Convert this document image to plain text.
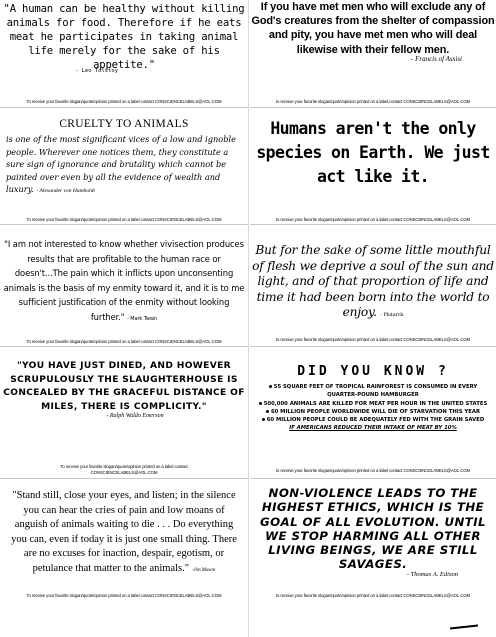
"A human can be healthy without killing animals for food. Therefore if he eats meat he participates in taking animal life merely for the sake of his appetite."

- Leo Tolstoy
To receive your favorite slogan/quote/opinion printed on a label contact CONSCIENCELABELS@AOL.COM
CRUELTY TO ANIMALS

is one of the most significant vices of a low and ignoble people. Wherever one notices them, they constitute a sure sign of ignorance and brutality which cannot be painted over even by all the evidence of wealth and luxury. - Alexander von Humboldt

To receive your favorite slogan/quote/opinion printed on a label contact CONSCIENCELABELS@AOL.COM

"I am not interested to know whether vivisection produces results that are profitable to the human race or doesn't...The pain which it inflicts upon unconsenting animals is the basis of my enmity toward it, and it is to me sufficient justification of the enmity without looking further." - Mark Twain

To receive your favorite slogan/quote/opinion printed on a label contact CONSCIENCELABELS@AOL.COM

"YOU HAVE JUST DINED, AND HOWEVER SCRUPULOUSLY THE SLAUGHTERHOUSE IS CONCEALED BY THE GRACEFUL DISTANCE OF MILES, THERE IS COMPLICITY."

- Ralph Waldo Emerson
To receive your favorite slogan/quote/opinion printed on a label contact CONSCIENCELABELS@AOL.COM

"Stand still, close your eyes, and listen; in the silence you can hear the cries of pain and low moans of anguish of animals waiting to die . . . Do everything you can, even if today it is just one small thing. There are no excuses for inaction, despair, egotism, or petulance that matter to the animals." -Jim Mason

To receive your favorite slogan/quote/opinion printed on a label contact CONSCIENCELABELS@AOL.COM

If you have met men who will exclude any of God's creatures from the shelter of compassion and pity, you have met men who will deal likewise with their fellow men.

- Francis of Assisi
to receive your favorite slogan/quote/opinion printed on a label,contact CONSCIENCELABELS@AOL.COM

Humans aren't the only species on Earth. We just act like it.

to receive your favorite slogan/quote/opinion printed on a label,contact CONSCIENCELABELS@AOL.COM

But for the sake of some little mouthful of flesh we deprive a soul of the sun and light, and of that proportion of life and time it had been born into the world to enjoy. - Plutarch

to receive your favorite slogan/quote/opinion printed on a label,contact CONSCIENCELABELS@AOL.COM
DID YOU KNOW ?
55 SQUARE FEET OF TROPICAL RAINFOREST IS CONSUMED IN EVERY QUARTER-POUND HAMBURGER
500,000 ANIMALS ARE KILLED FOR MEAT PER HOUR IN THE UNITED STATES
60 MILLION PEOPLE WORLDWIDE WILL DIE OF STARVATION THIS YEAR
60 MILLION PEOPLE COULD BE ADEQUATELY FED WITH THE GRAIN SAVED
IF AMERICANS REDUCED THEIR INTAKE OF MEAT BY 10%
to receive your favorite slogan/quote/opinion printed on a label,contact CONSCIENCELABELS@AOL.COM

NON-VIOLENCE LEADS TO THE HIGHEST ETHICS, WHICH IS THE GOAL OF ALL EVOLUTION. UNTIL WE STOP HARMING ALL OTHER LIVING BEINGS, WE ARE STILL SAVAGES.

- Thomas A. Edison
to receive your favorite slogan/quote/opinion printed on a label,contact CONSCIENCELABELS@AOL.COM
